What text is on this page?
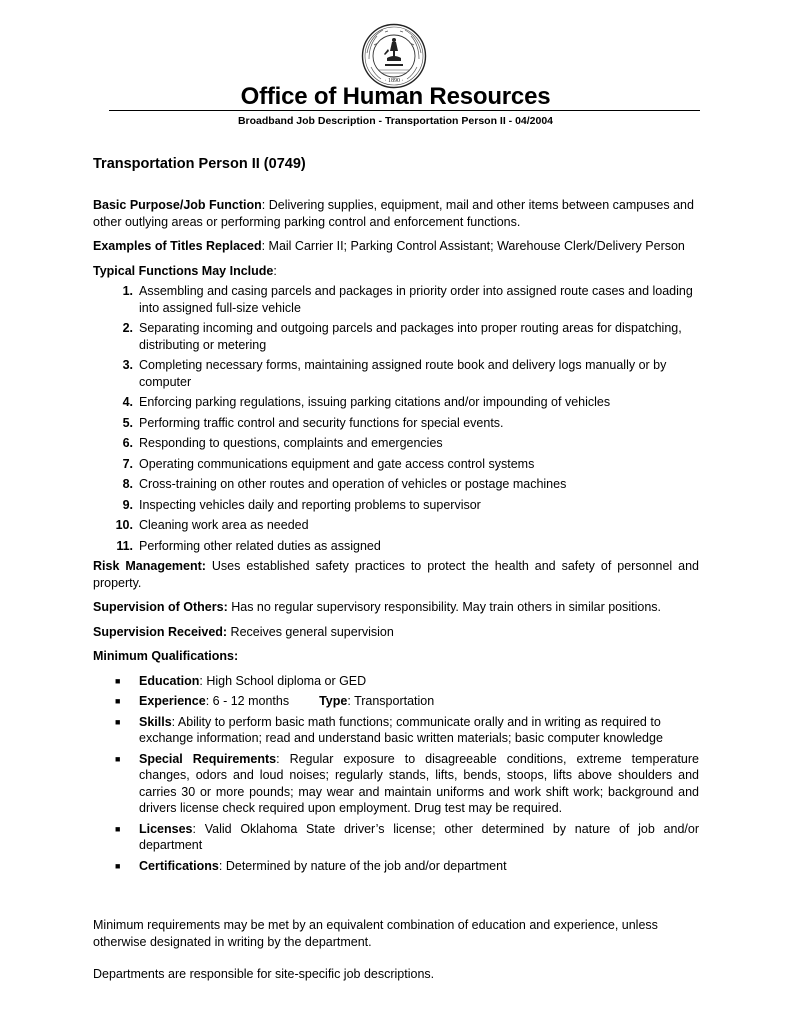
· 1890 ·
Office of Human Resources
Broadband Job Description - Transportation Person II - 04/2004
Transportation Person II (0749)

Basic Purpose/Job Function: Delivering supplies, equipment, mail and other items between campuses and other outlying areas or performing parking control and enforcement functions.

Examples of Titles Replaced: Mail Carrier II; Parking Control Assistant; Warehouse Clerk/Delivery Person

Typical Functions May Include:

1. Assembling and casing parcels and packages in priority order into assigned route cases and loading into assigned full-size vehicle
2. Separating incoming and outgoing parcels and packages into proper routing areas for dispatching, distributing or metering
3. Completing necessary forms, maintaining assigned route book and delivery logs manually or by computer
4. Enforcing parking regulations, issuing parking citations and/or impounding of vehicles
5. Performing traffic control and security functions for special events.
6. Responding to questions, complaints and emergencies
7. Operating communications equipment and gate access control systems
8. Cross-training on other routes and operation of vehicles or postage machines
9. Inspecting vehicles daily and reporting problems to supervisor
10. Cleaning work area as needed
11. Performing other related duties as assigned

Risk Management: Uses established safety practices to protect the health and safety of personnel and property.

Supervision of Others: Has no regular supervisory responsibility. May train others in similar positions.

Supervision Received: Receives general supervision

Minimum Qualifications:

■ Education: High School diploma or GED
■ Experience: 6 - 12 months Type: Transportation
■ Skills: Ability to perform basic math functions; communicate orally and in writing as required to exchange information; read and understand basic written materials; basic computer knowledge
■ Special Requirements: Regular exposure to disagreeable conditions, extreme temperature changes, odors and loud noises; regularly stands, lifts, bends, stoops, lifts above shoulders and carries 30 or more pounds; may wear and maintain uniforms and work shift work; background and drivers license check required upon employment. Drug test may be required.
■ Licenses: Valid Oklahoma State driver’s license; other determined by nature of job and/or department
■ Certifications: Determined by nature of the job and/or department
Minimum requirements may be met by an equivalent combination of education and experience, unless otherwise designated in writing by the department.
Departments are responsible for site-specific job descriptions.
